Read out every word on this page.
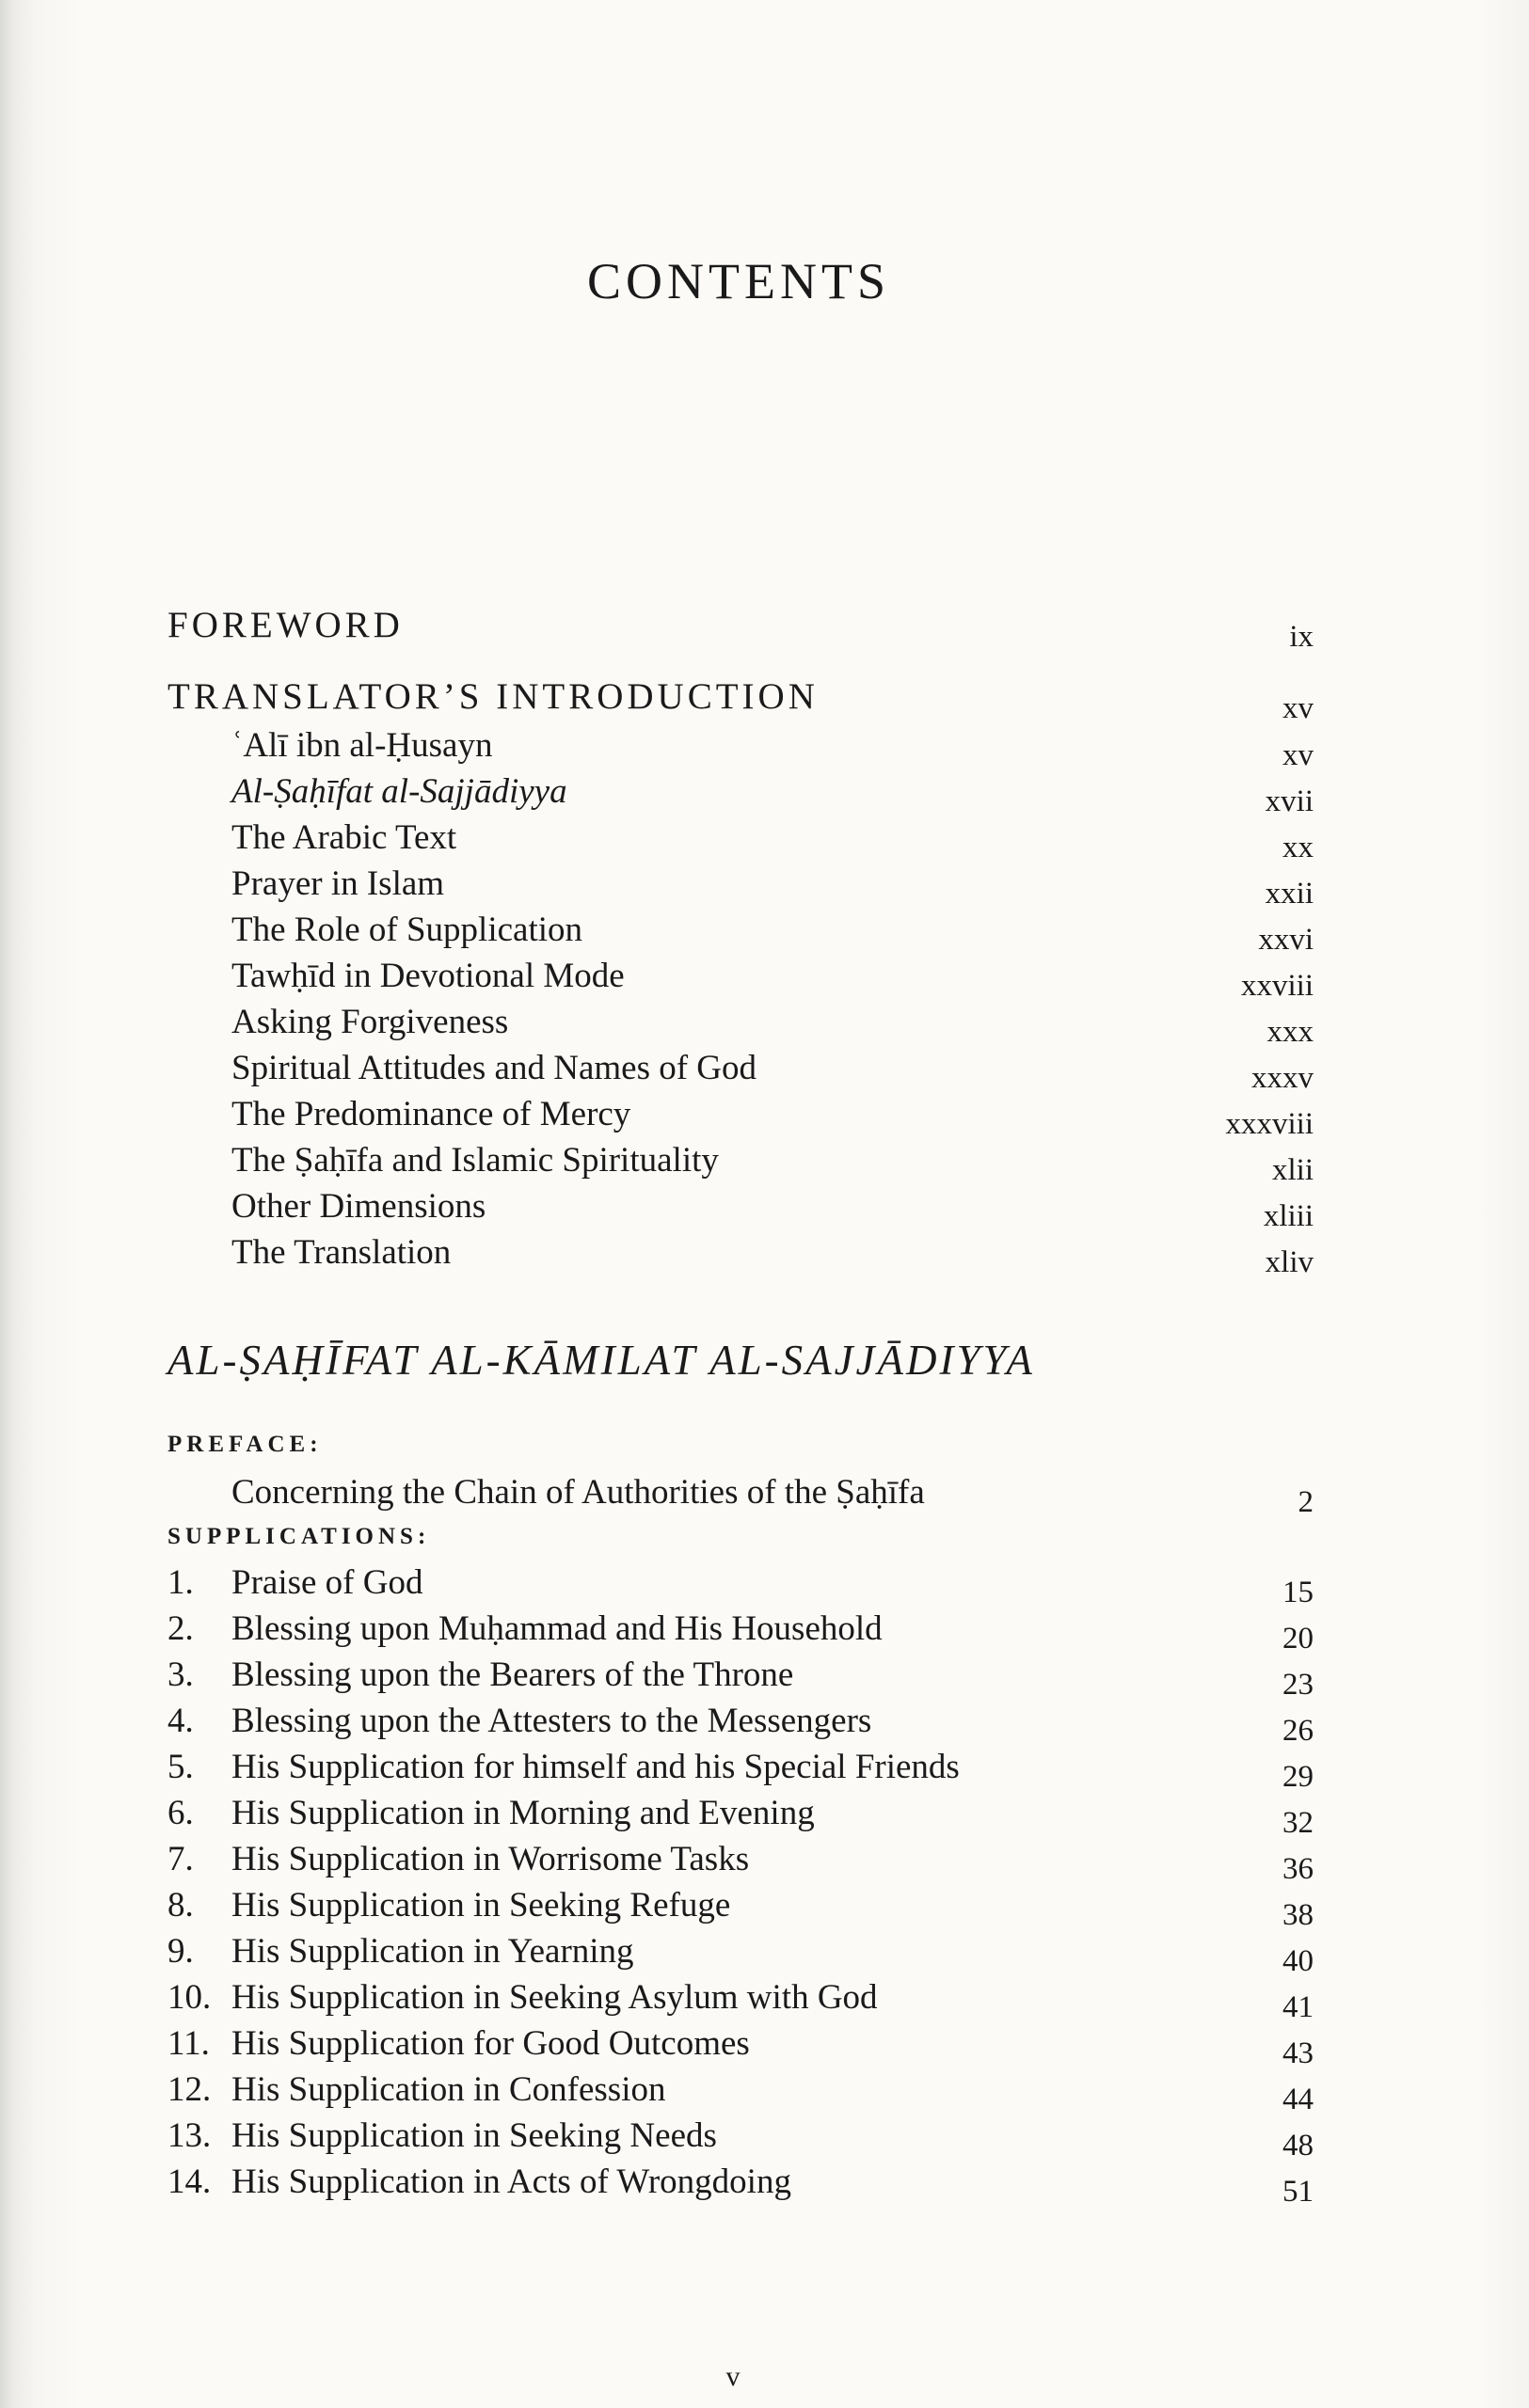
CONTENTS
FOREWORD	ix
TRANSLATOR’S INTRODUCTION	xv
ʿAlī ibn al-Ḥusayn	xv
Al-Ṣaḥīfat al-Sajjādiyya	xvii
The Arabic Text	xx
Prayer in Islam	xxii
The Role of Supplication	xxvi
Tawḥīd in Devotional Mode	xxviii
Asking Forgiveness	xxx
Spiritual Attitudes and Names of God	xxxv
The Predominance of Mercy	xxxviii
The Ṣaḥīfa and Islamic Spirituality	xlii
Other Dimensions	xliii
The Translation	xliv
AL-ṢAḤĪFAT AL-KĀMILAT AL-SAJJĀDIYYA
PREFACE:
Concerning the Chain of Authorities of the Ṣaḥīfa	2
SUPPLICATIONS:
1.	Praise of God	15
2.	Blessing upon Muḥammad and His Household	20
3.	Blessing upon the Bearers of the Throne	23
4.	Blessing upon the Attesters to the Messengers	26
5.	His Supplication for himself and his Special Friends	29
6.	His Supplication in Morning and Evening	32
7.	His Supplication in Worrisome Tasks	36
8.	His Supplication in Seeking Refuge	38
9.	His Supplication in Yearning	40
10. His Supplication in Seeking Asylum with God	41
11. His Supplication for Good Outcomes	43
12. His Supplication in Confession	44
13. His Supplication in Seeking Needs	48
14. His Supplication in Acts of Wrongdoing	51
v
